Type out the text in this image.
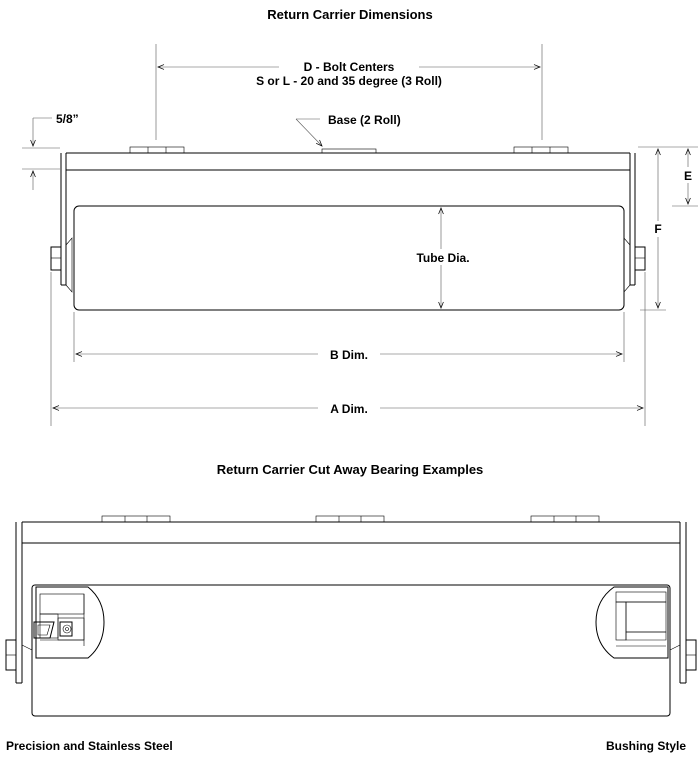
Return Carrier Dimensions
D - Bolt Centers
S or L - 20 and 35 degree (3 Roll)
Base (2 Roll)
5/8”
E
F
Tube Dia.
B Dim.
A Dim.
Return Carrier Cut Away Bearing Examples
Precision and Stainless Steel	Bushing Style
